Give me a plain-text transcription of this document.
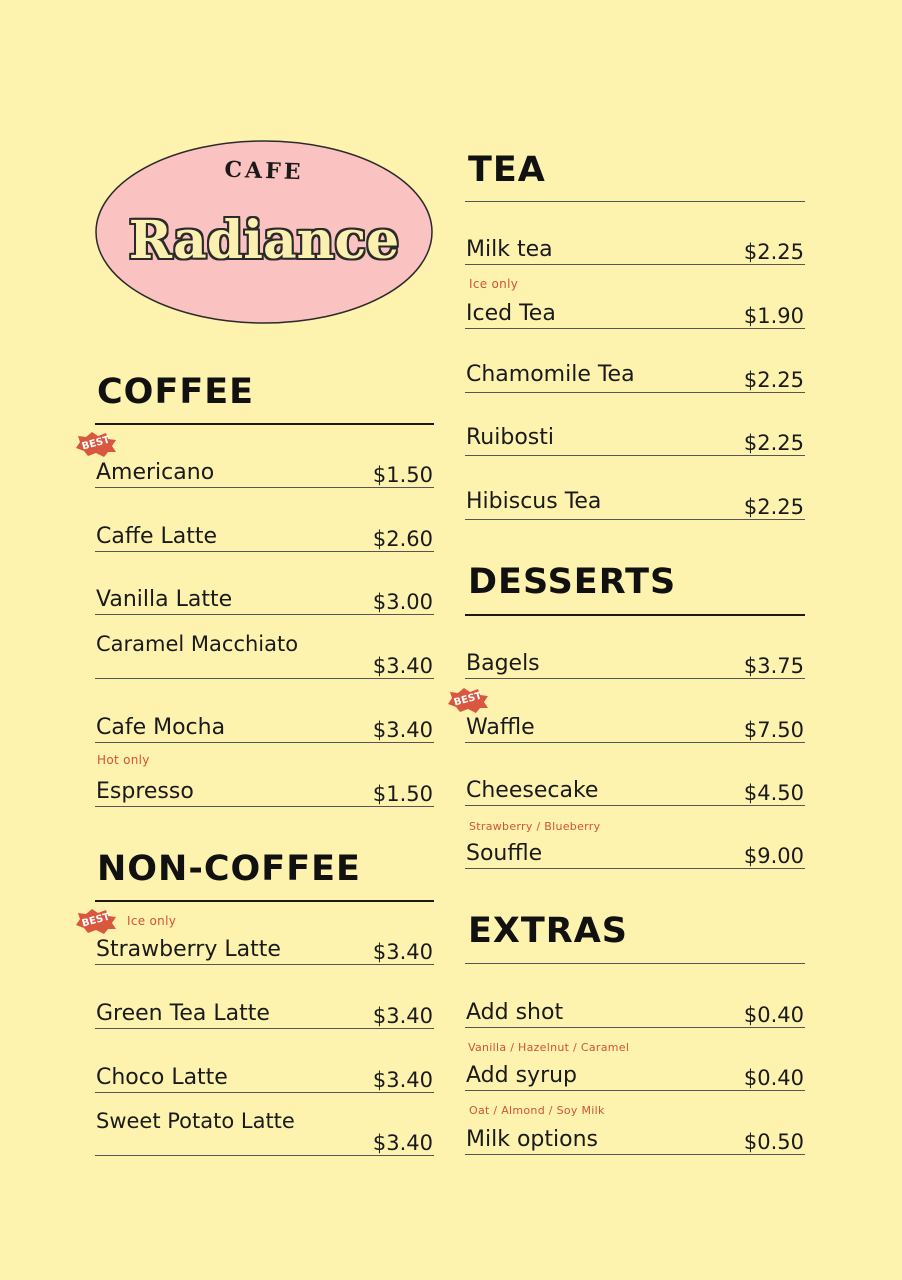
CAFE
Radiance
COFFEE
BEST
Americano	$1.50
Caffe Latte	$2.60
Vanilla Latte	$3.00
Caramel Macchiato
$3.40
Cafe Mocha	$3.40
Hot only
Espresso	$1.50
NON-COFFEE
BEST	Ice only
Strawberry Latte	$3.40
Green Tea Latte	$3.40
Choco Latte	$3.40
Sweet Potato Latte
$3.40
TEA
Milk tea	$2.25
Ice only
Iced Tea	$1.90
Chamomile Tea	$2.25
Ruibosti	$2.25
Hibiscus Tea	$2.25
DESSERTS
Bagels	$3.75
BEST
Waffle	$7.50
Cheesecake	$4.50
Strawberry / Blueberry
Souffle	$9.00
EXTRAS
Add shot	$0.40
Vanilla / Hazelnut / Caramel
Add syrup	$0.40
Oat / Almond / Soy Milk
Milk options	$0.50
